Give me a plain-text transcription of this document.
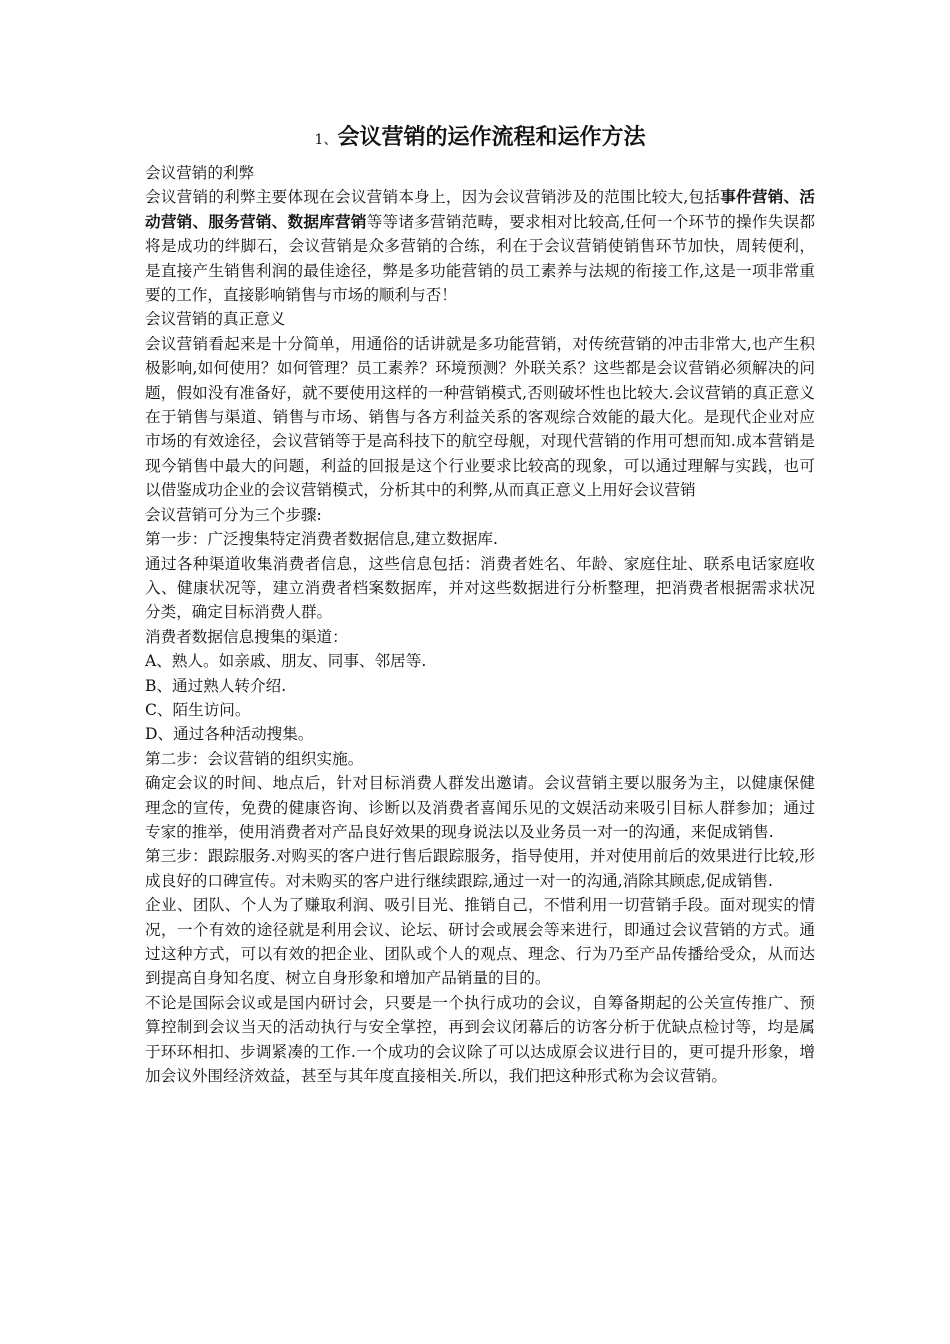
1、会议营销的运作流程和运作方法

会议营销的利弊

会议营销的利弊主要体现在会议营销本身上，因为会议营销涉及的范围比较大,包括事件营销、活动营销、服务营销、数据库营销等等诸多营销范畴，要求相对比较高,任何一个环节的操作失误都将是成功的绊脚石，会议营销是众多营销的合练，利在于会议营销使销售环节加快，周转便利，是直接产生销售利润的最佳途径，弊是多功能营销的员工素养与法规的衔接工作,这是一项非常重要的工作，直接影响销售与市场的顺利与否！

会议营销的真正意义

会议营销看起来是十分简单，用通俗的话讲就是多功能营销，对传统营销的冲击非常大,也产生积极影响,如何使用？如何管理？员工素养？环境预测？外联关系？这些都是会议营销必须解决的问题，假如没有准备好，就不要使用这样的一种营销模式,否则破坏性也比较大.会议营销的真正意义在于销售与渠道、销售与市场、销售与各方利益关系的客观综合效能的最大化。是现代企业对应市场的有效途径，会议营销等于是高科技下的航空母舰，对现代营销的作用可想而知.成本营销是现今销售中最大的问题，利益的回报是这个行业要求比较高的现象，可以通过理解与实践，也可以借鉴成功企业的会议营销模式，分析其中的利弊,从而真正意义上用好会议营销

会议营销可分为三个步骤:

第一步：广泛搜集特定消费者数据信息,建立数据库.

通过各种渠道收集消费者信息，这些信息包括：消费者姓名、年龄、家庭住址、联系电话家庭收入、健康状况等，建立消费者档案数据库，并对这些数据进行分析整理，把消费者根据需求状况分类，确定目标消费人群。

消费者数据信息搜集的渠道：

A、熟人。如亲戚、朋友、同事、邻居等.

B、通过熟人转介绍.

C、陌生访问。

D、通过各种活动搜集。

第二步：会议营销的组织实施。

确定会议的时间、地点后，针对目标消费人群发出邀请。会议营销主要以服务为主，以健康保健理念的宣传，免费的健康咨询、诊断以及消费者喜闻乐见的文娱活动来吸引目标人群参加；通过专家的推举，使用消费者对产品良好效果的现身说法以及业务员一对一的沟通，来促成销售.

第三步：跟踪服务.对购买的客户进行售后跟踪服务，指导使用，并对使用前后的效果进行比较,形成良好的口碑宣传。对未购买的客户进行继续跟踪,通过一对一的沟通,消除其顾虑,促成销售.

企业、团队、个人为了赚取利润、吸引目光、推销自己，不惜利用一切营销手段。面对现实的情况，一个有效的途径就是利用会议、论坛、研讨会或展会等来进行，即通过会议营销的方式。通过这种方式，可以有效的把企业、团队或个人的观点、理念、行为乃至产品传播给受众，从而达到提高自身知名度、树立自身形象和增加产品销量的目的。

不论是国际会议或是国内研讨会，只要是一个执行成功的会议，自筹备期起的公关宣传推广、预算控制到会议当天的活动执行与安全掌控，再到会议闭幕后的访客分析于优缺点检讨等，均是属于环环相扣、步调紧凑的工作.一个成功的会议除了可以达成原会议进行目的，更可提升形象，增加会议外围经济效益，甚至与其年度直接相关.所以，我们把这种形式称为会议营销。
